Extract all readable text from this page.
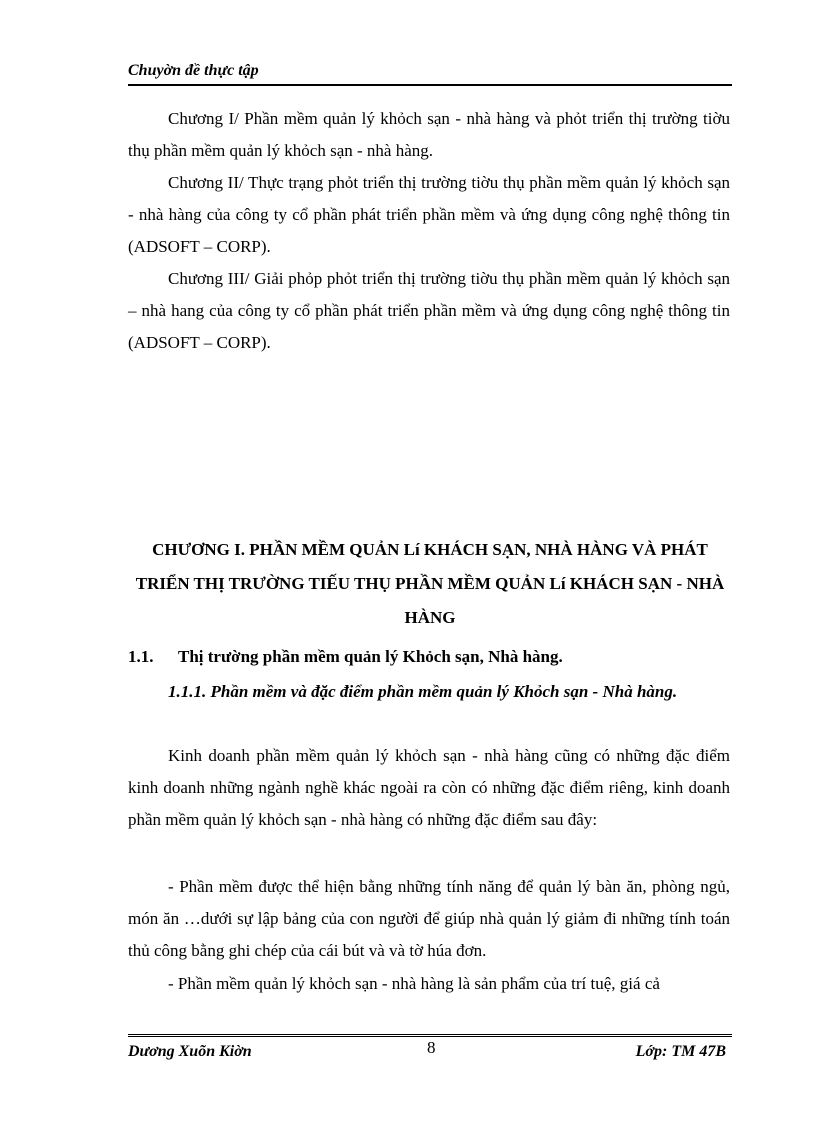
Chuyờn đề thực tập
Chương I/ Phần mềm quản lý khỏch sạn - nhà hàng và phỏt triển thị trường tiờu thụ phần mềm quản lý khỏch sạn - nhà hàng.
Chương II/ Thực trạng phỏt triển thị trường tiờu thụ phần mềm quản lý khỏch sạn - nhà hàng của công ty cổ phần phát triển phần mềm và ứng dụng công nghệ thông tin (ADSOFT – CORP).
Chương III/ Giải phỏp phỏt triển thị trường tiờu thụ phần mềm quản lý khỏch sạn – nhà hang của công ty cổ phần phát triển phần mềm và ứng dụng công nghệ thông tin (ADSOFT – CORP).
CHƯƠNG I. PHẦN MỀM QUẢN Lí KHÁCH SẠN, NHÀ HÀNG VÀ PHÁT TRIỂN THỊ TRƯỜNG TIẾU THỤ PHẦN MỀM QUẢN Lí KHÁCH SẠN - NHÀ HÀNG
1.1. Thị trường phần mềm quản lý Khỏch sạn, Nhà hàng.
1.1.1. Phần mềm và đặc điểm phần mềm quản lý Khỏch sạn - Nhà hàng.
Kinh doanh phần mềm quản lý khỏch sạn - nhà hàng cũng có những đặc điểm kinh doanh những ngành nghề khác ngoài ra còn có những đặc điểm riêng, kinh doanh phần mềm quản lý khỏch sạn - nhà hàng có những đặc điểm sau đây:
- Phần mềm được thể hiện bằng những tính năng để quản lý bàn ăn, phòng ngủ, món ăn …dưới sự lập bảng của con người để giúp nhà quản lý giảm đi những tính toán thủ công bằng ghi chép của cái bút và và tờ húa đơn.
- Phần mềm quản lý khỏch sạn - nhà hàng là sản phẩm của trí tuệ, giá cả
Dương Xuõn Kiờn	8	Lớp: TM 47B
